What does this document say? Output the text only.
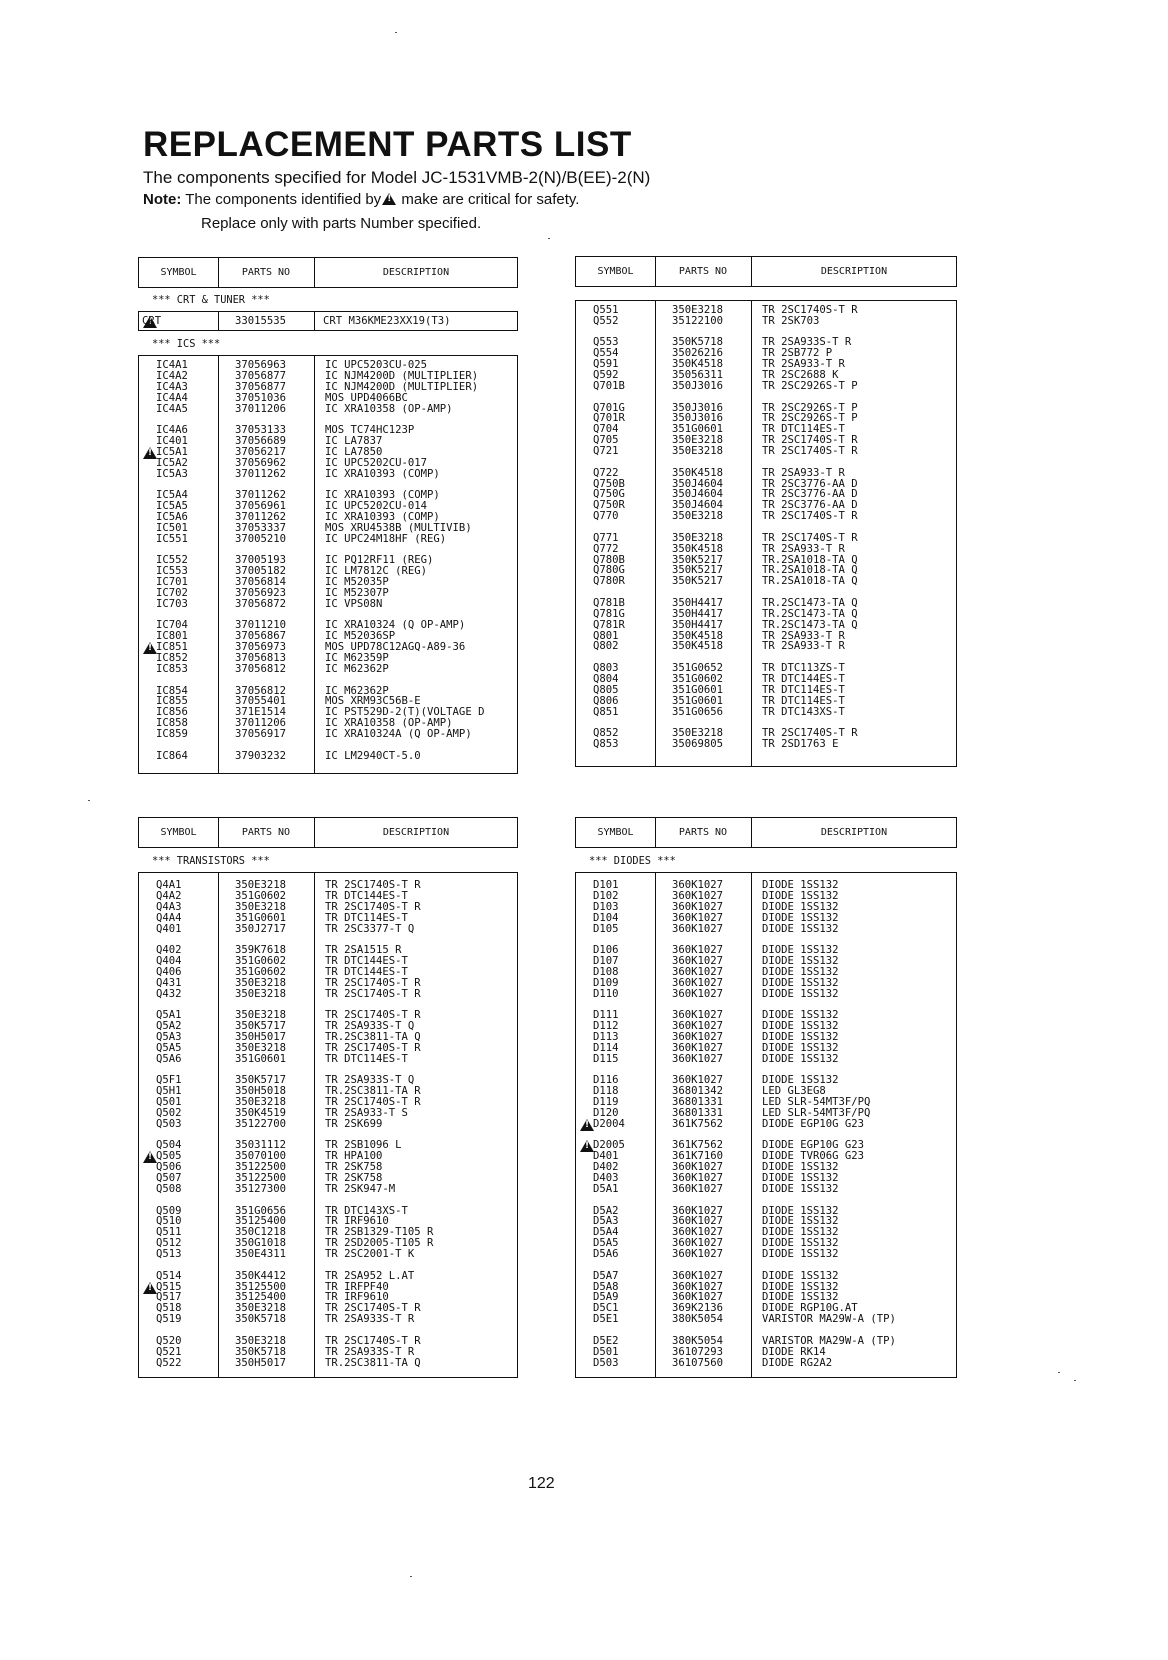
REPLACEMENT PARTS LIST
The components specified for Model JC-1531VMB-2(N)/B(EE)-2(N)
Note: The components identified by! make are critical for safety.
Replace only with parts Number specified.
SYMBOL	PARTS NO	DESCRIPTION
*** CRT & TUNER ***
!
CRT	33015535	CRT M36KME23XX19(T3)
*** ICS ***
IC4A1	37056963	IC UPC5203CU-025
IC4A2	37056877	IC NJM4200D (MULTIPLIER)
IC4A3	37056877	IC NJM4200D (MULTIPLIER)
IC4A4	37051036	MOS UPD4066BC
IC4A5	37011206	IC XRA10358 (OP-AMP)
IC4A6	37053133	MOS TC74HC123P
IC401	37056689	IC LA7837
!
IC5A1	37056217	IC LA7850
IC5A2	37056962	IC UPC5202CU-017
IC5A3	37011262	IC XRA10393 (COMP)
IC5A4	37011262	IC XRA10393 (COMP)
IC5A5	37056961	IC UPC5202CU-014
IC5A6	37011262	IC XRA10393 (COMP)
IC501	37053337	MOS XRU4538B (MULTIVIB)
IC551	37005210	IC UPC24M18HF (REG)
IC552	37005193	IC PQ12RF11 (REG)
IC553	37005182	IC LM7812C (REG)
IC701	37056814	IC M52035P
IC702	37056923	IC M52307P
IC703	37056872	IC VPS08N
IC704	37011210	IC XRA10324 (Q OP-AMP)
IC801	37056867	IC M52036SP
!
IC851	37056973	MOS UPD78C12AGQ-A89-36
IC852	37056813	IC M62359P
IC853	37056812	IC M62362P
IC854	37056812	IC M62362P
IC855	37055401	MOS XRM93C56B-E
IC856	371E1514	IC PST529D-2(T)(VOLTAGE D
IC858	37011206	IC XRA10358 (OP-AMP)
IC859	37056917	IC XRA10324A (Q OP-AMP)
IC864	37903232	IC LM2940CT-5.0
SYMBOL	PARTS NO	DESCRIPTION
Q551	350E3218	TR 2SC1740S-T R
Q552	35122100	TR 2SK703
Q553	350K5718	TR 2SA933S-T R
Q554	35026216	TR 2SB772 P
Q591	350K4518	TR 2SA933-T R
Q592	35056311	TR 2SC2688 K
Q701B	350J3016	TR 2SC2926S-T P
Q701G	350J3016	TR 2SC2926S-T P
Q701R	350J3016	TR 2SC2926S-T P
Q704	351G0601	TR DTC114ES-T
Q705	350E3218	TR 2SC1740S-T R
Q721	350E3218	TR 2SC1740S-T R
Q722	350K4518	TR 2SA933-T R
Q750B	350J4604	TR 2SC3776-AA D
Q750G	350J4604	TR 2SC3776-AA D
Q750R	350J4604	TR 2SC3776-AA D
Q770	350E3218	TR 2SC1740S-T R
Q771	350E3218	TR 2SC1740S-T R
Q772	350K4518	TR 2SA933-T R
Q780B	350K5217	TR.2SA1018-TA Q
Q780G	350K5217	TR.2SA1018-TA Q
Q780R	350K5217	TR.2SA1018-TA Q
Q781B	350H4417	TR.2SC1473-TA Q
Q781G	350H4417	TR.2SC1473-TA Q
Q781R	350H4417	TR.2SC1473-TA Q
Q801	350K4518	TR 2SA933-T R
Q802	350K4518	TR 2SA933-T R
Q803	351G0652	TR DTC113ZS-T
Q804	351G0602	TR DTC144ES-T
Q805	351G0601	TR DTC114ES-T
Q806	351G0601	TR DTC114ES-T
Q851	351G0656	TR DTC143XS-T
Q852	350E3218	TR 2SC1740S-T R
Q853	35069805	TR 2SD1763 E
SYMBOL	PARTS NO	DESCRIPTION
*** TRANSISTORS ***
Q4A1	350E3218	TR 2SC1740S-T R
Q4A2	351G0602	TR DTC144ES-T
Q4A3	350E3218	TR 2SC1740S-T R
Q4A4	351G0601	TR DTC114ES-T
Q401	350J2717	TR 2SC3377-T Q
Q402	359K7618	TR 2SA1515 R
Q404	351G0602	TR DTC144ES-T
Q406	351G0602	TR DTC144ES-T
Q431	350E3218	TR 2SC1740S-T R
Q432	350E3218	TR 2SC1740S-T R
Q5A1	350E3218	TR 2SC1740S-T R
Q5A2	350K5717	TR 2SA933S-T Q
Q5A3	350H5017	TR.2SC3811-TA Q
Q5A5	350E3218	TR 2SC1740S-T R
Q5A6	351G0601	TR DTC114ES-T
Q5F1	350K5717	TR 2SA933S-T Q
Q5H1	350H5018	TR.2SC3811-TA R
Q501	350E3218	TR 2SC1740S-T R
Q502	350K4519	TR 2SA933-T S
Q503	35122700	TR 2SK699
Q504	35031112	TR 2SB1096 L
!
Q505	35070100	TR HPA100
Q506	35122500	TR 2SK758
Q507	35122500	TR 2SK758
Q508	35127300	TR 2SK947-M
Q509	351G0656	TR DTC143XS-T
Q510	35125400	TR IRF9610
Q511	350C1218	TR 2SB1329-T105 R
Q512	350G1018	TR 2SD2005-T105 R
Q513	350E4311	TR 2SC2001-T K
Q514	350K4412	TR 2SA952 L.AT
!
Q515	35125500	TR IRFPF40
Q517	35125400	TR IRF9610
Q518	350E3218	TR 2SC1740S-T R
Q519	350K5718	TR 2SA933S-T R
Q520	350E3218	TR 2SC1740S-T R
Q521	350K5718	TR 2SA933S-T R
Q522	350H5017	TR.2SC3811-TA Q
SYMBOL	PARTS NO	DESCRIPTION
*** DIODES ***
D101	360K1027	DIODE 1SS132
D102	360K1027	DIODE 1SS132
D103	360K1027	DIODE 1SS132
D104	360K1027	DIODE 1SS132
D105	360K1027	DIODE 1SS132
D106	360K1027	DIODE 1SS132
D107	360K1027	DIODE 1SS132
D108	360K1027	DIODE 1SS132
D109	360K1027	DIODE 1SS132
D110	360K1027	DIODE 1SS132
D111	360K1027	DIODE 1SS132
D112	360K1027	DIODE 1SS132
D113	360K1027	DIODE 1SS132
D114	360K1027	DIODE 1SS132
D115	360K1027	DIODE 1SS132
D116	360K1027	DIODE 1SS132
D118	36801342	LED GL3EG8
D119	36801331	LED SLR-54MT3F/PQ
D120	36801331	LED SLR-54MT3F/PQ
!
D2004	361K7562	DIODE EGP10G G23
!
D2005	361K7562	DIODE EGP10G G23
D401	361K7160	DIODE TVR06G G23
D402	360K1027	DIODE 1SS132
D403	360K1027	DIODE 1SS132
D5A1	360K1027	DIODE 1SS132
D5A2	360K1027	DIODE 1SS132
D5A3	360K1027	DIODE 1SS132
D5A4	360K1027	DIODE 1SS132
D5A5	360K1027	DIODE 1SS132
D5A6	360K1027	DIODE 1SS132
D5A7	360K1027	DIODE 1SS132
D5A8	360K1027	DIODE 1SS132
D5A9	360K1027	DIODE 1SS132
D5C1	369K2136	DIODE RGP10G.AT
D5E1	380K5054	VARISTOR MA29W-A (TP)
D5E2	380K5054	VARISTOR MA29W-A (TP)
D501	36107293	DIODE RK14
D503	36107560	DIODE RG2A2
122
